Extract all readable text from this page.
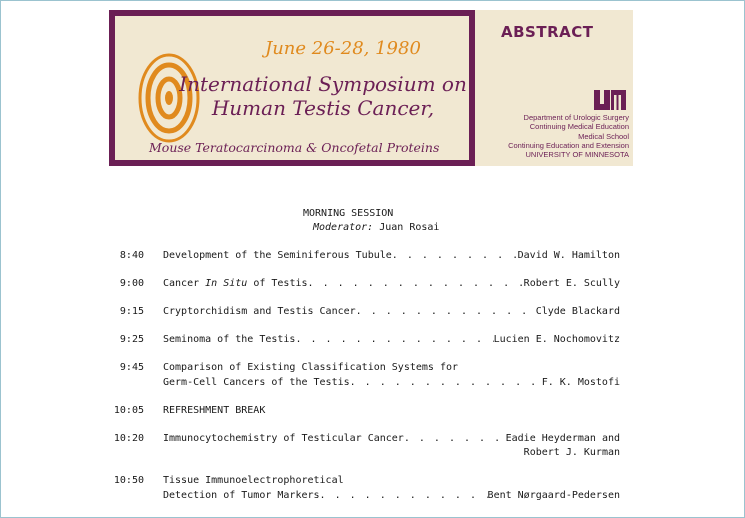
June 26-28, 1980
International Symposium on
Human Testis Cancer,
Mouse Teratocarcinoma & Oncofetal Proteins
ABSTRACT
Department of Urologic Surgery
Continuing Medical Education
Medical School
Continuing Education and Extension
UNIVERSITY OF MINNESOTA
MORNING SESSION
Moderator: Juan Rosai
8:40 Development of the Seminiferous Tubule . . .	David W. Hamilton
9:00 Cancer In Situ of Testis . . .	Robert E. Scully
9:15 Cryptorchidism and Testis Cancer . . .	Clyde Blackard
9:25 Seminoma of the Testis . . .	Lucien E. Nochomovitz
9:45 Comparison of Existing Classification Systems for
Germ-Cell Cancers of the Testis . . .	F. K. Mostofi
10:05 REFRESHMENT BREAK
10:20 Immunocytochemistry of Testicular Cancer . . .	Eadie Heyderman and
Robert J. Kurman
10:50 Tissue Immunoelectrophoretical
Detection of Tumor Markers . . .	Bent Nørgaard-Pedersen
